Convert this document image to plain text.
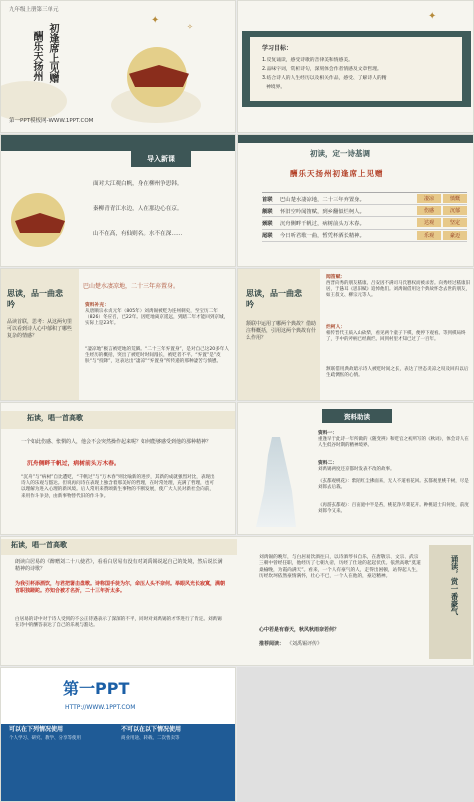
✦
✧
九年级上册第三单元
酬乐天扬州 初逢席上见赠
第一PPT模板网-WWW.1PPT.COM
学习目标：
1.反复诵读，感受诗歌的音律美和情感美。
2.品味字词，赏析诗句，深刻体会作者情感及文章哲理。
3.结合诗人的人生经历以及相关作品，感受、了解诗人的精
神境界。
✦
导入新课
面对大江观白帆，身在柳州争思韩。
秦柳青青江水边，人在那边心在京。
山不在高，有仙则名。水不在深……
初读，定一诗基调
酬乐天扬州初逢席上见赠
首联	巴山楚水凄凉地，二十三年弃置身。	凄凉	愤慨
颔联	怀旧空吟闻笛赋，到乡翻似烂柯人。	伤感	沉郁
颈联	沉舟侧畔千帆过，病树前头万木春。	达观	坚定
尾联	今日听君歌一曲，暂凭杯酒长精神。	乐观	豪迈
思读，品一曲悲吟
品读首联，思考：从这两句里可以看到诗人心中郁积了哪些复杂的情感？
巴山楚水凄凉地，二十三年弃置身。
资料补充：
从唐顺宗永贞元年（805年）刘禹锡被贬为连州刺史，至宝历二年（826）冬应召，已22年。因贬地离京遥远，到踏二年才能回到京城，实际上是23年。
“凄凉地”极言被贬地的荒僻。“二十三年弃置身”，是对自己这20多年人生经历的概括，突出了被贬时时间漫长，被贬者不平。“弃置”是”皮肤“与“投降”，这表达出“凄凉”“弃置身”所传递的那种凄苦与愤懑。
思读，品一曲悲吟
颔联中运用了哪两个典故？借助注释概括，引用这两个典故有什么作用？
闻笛赋：
西晋向秀的朋友嵇康、吕安因不满司马氏篡权而被杀害。向秀经过嵇康旧居，于悬耳《思旧赋》追悼他们。刘禹锡借用这个典故怀念去世的朋友，如王叔文、柳宗元等人。
烂柯人：
相传晋代王质入山砍柴，看见两个童子下棋，便停下观看。等到棋局终了，手中的斧柄已经腐烂。回到村里才知已过了一百年。
颔联借用典故暗示诗人被贬时间之长，表达了世态炎凉之叹及回归以后生疏惆怅的心情。
资料助读
资料一：
重逢早于此诗一年所做的《随变辨》和贬官之初所写的《秋词》，体会诗人在人生低谷时期的精神境界。
资料二：
刘禹锡两度还京都时发表不改的故事。
《玄都观桃花》：紫陌红尘拂面来，无人不道看花回。玄都观里桃千树，尽是刘郎去后栽。
《再游玄都观》：百亩庭中半是苔，桃花净尽菜花开。种桃道士归何处，前度刘郎今又来。
拓读，唱一首高歌
一个如此伤感、怅惘的人，他会不会突然操作起来呢？如何能够感受到他的那种精神？
沉舟侧畔千帆过，病树前头万木春。
“沉舟”与“病树”自比遭贬，“千帆过”与“万木春”则比喻新的进步，其新的成就强烈对比，表现出诗人的乐观与豁达。但说再问诗在表现上独含着那美好的哲理，在时常处理，充满了哲理，也可以理解为进入心理的新风境。后人常用来赞颂新生事物的不断发展，使广大人民对新社会向前，来用作斗争劲，由新事物替代旧的作斗争。
拓读，唱一首高歌
朗读白居易的《醉赠刘二十八使君》，看看白居易有没有对刘禹锡说起自己的处境，然后说长满精神的诗歌？
为我引杯添酒饮，与君把箸击盘歌。诗称国手徒为尔，命压人头不奈何。举眼风光长寂寞，满朝官职独蹉跎。亦知合被才名折，二十三年折太多。
白居易的诗中对于诗人受到的不公正待遇表示了深深的不平，同时对刘禹锡的才华进行了肯定。刘禹锡在诗中的酬答表达了自己的乐观与豁达。
刘禹锡的晚年，与白居易饮酒往日，以诗酒琴书自乐，在唐敬宗、文宗、武宗三朝中曾经任职，他经历了七朝九帝，历经了仕途的起起伏伏。依然高歌“莫道桑榆晚，为霞尚满天”。看来，一个人有豪气的人，走得出困顿，站得起人生，历经坎坷依然豪情满怀，壮心不已，一个人在他的，豪迈精神。
心中若是有春天，秋风秋雨奈若何？
推荐阅读： 《刘禹锡评传》
诵读，赏一番豪气
第一PPT
HTTP://WWW.1PPT.COM
可以在下列情况使用	不可以在以下情况使用
个人学习、研究、教学、分享等使用	商业用途、转载、二次售卖等
